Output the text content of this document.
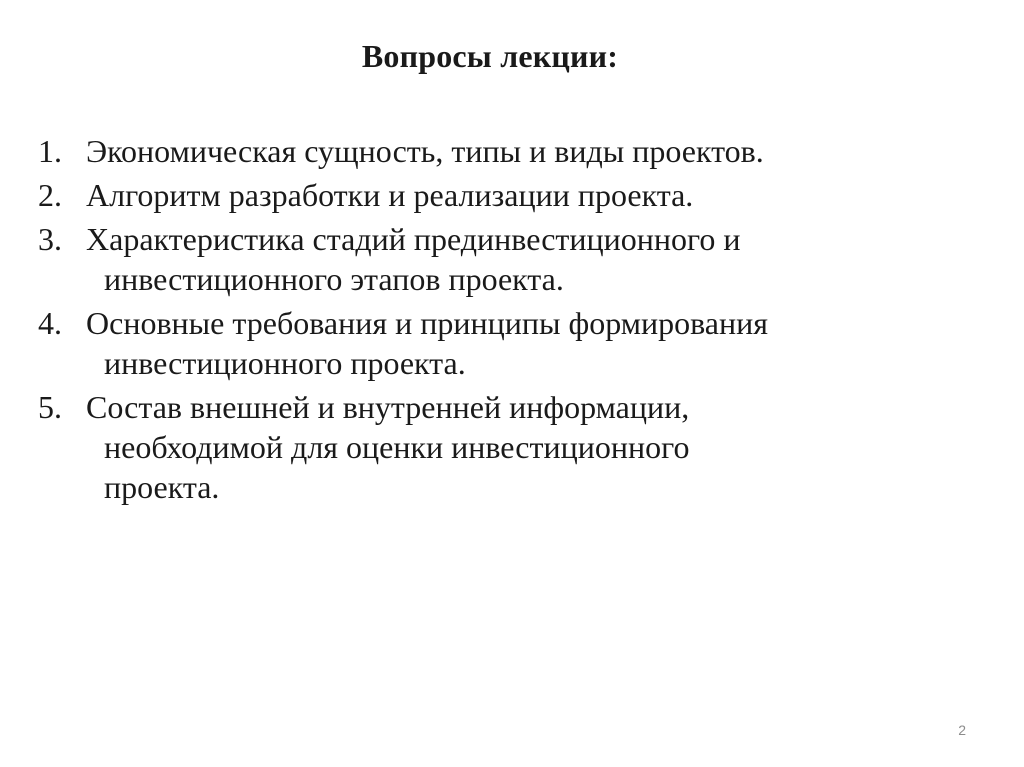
Вопросы лекции:
1. Экономическая сущность, типы и виды проектов.
2. Алгоритм разработки и реализации проекта.
3. Характеристика стадий прединвестиционного и
инвестиционного этапов проекта.
4. Основные требования и принципы формирования
инвестиционного проекта.
5. Состав внешней и внутренней информации,
необходимой для оценки инвестиционного
проекта.
2
